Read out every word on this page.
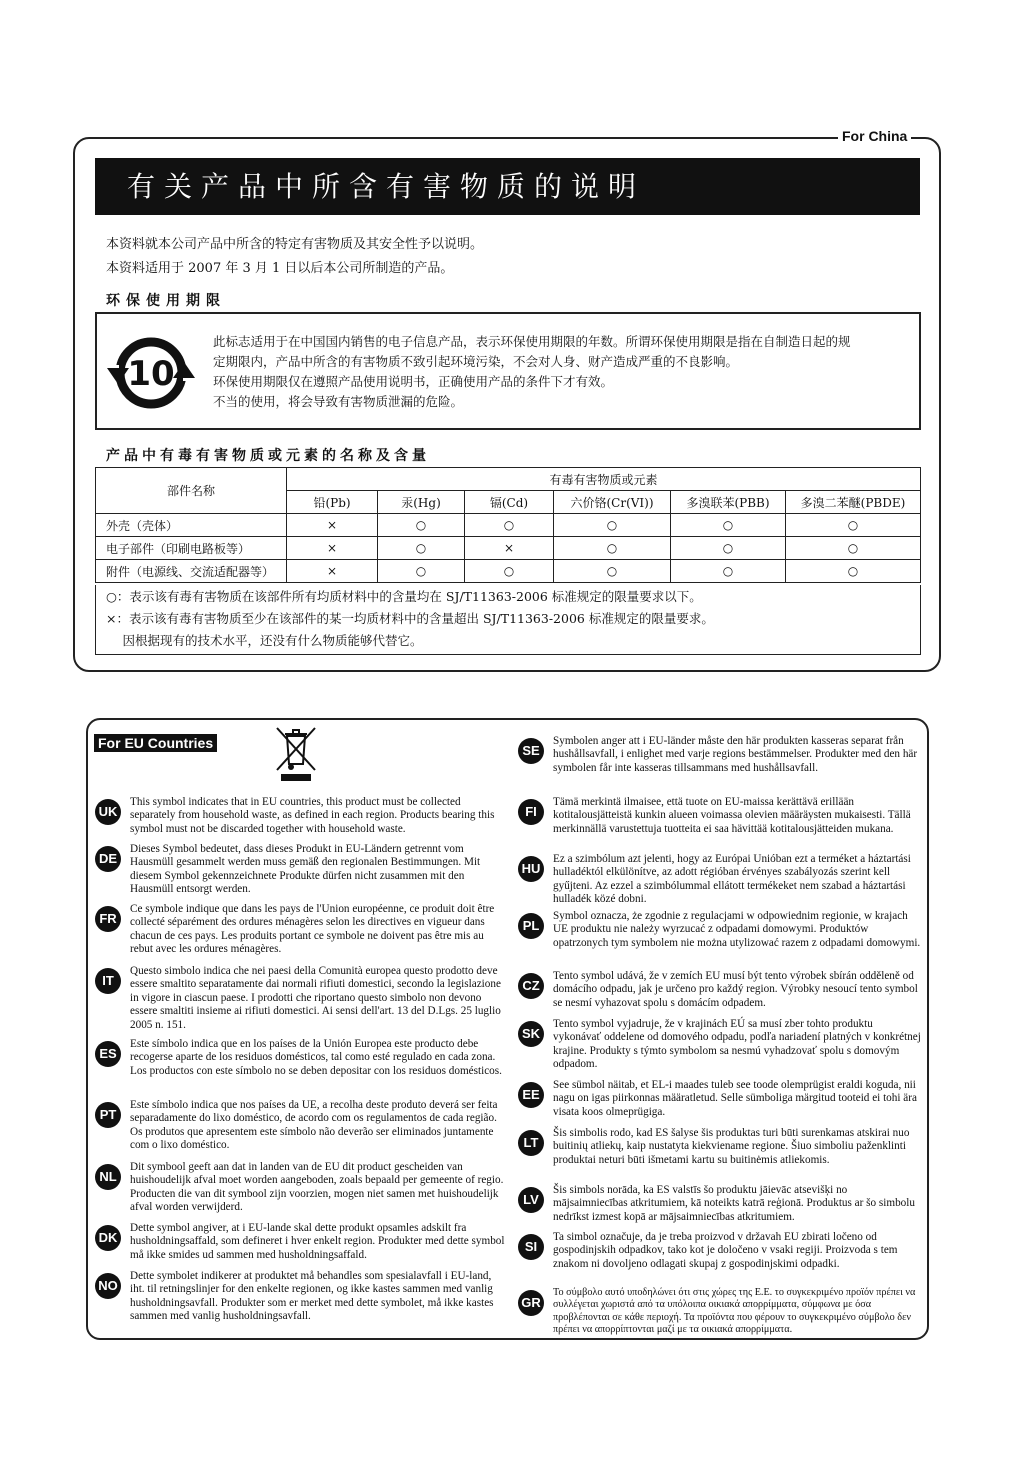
For China
有关产品中所含有害物质的说明
本资料就本公司产品中所含的特定有害物质及其安全性予以说明。
本资料适用于 2007 年 3 月 1 日以后本公司所制造的产品。
环保使用期限
10
此标志适用于在中国国内销售的电子信息产品，表示环保使用期限的年数。所谓环保使用期限是指在自制造日起的规
定期限内，产品中所含的有害物质不致引起环境污染，不会对人身、财产造成严重的不良影响。
环保使用期限仅在遵照产品使用说明书，正确使用产品的条件下才有效。
不当的使用，将会导致有害物质泄漏的危险。
产品中有毒有害物质或元素的名称及含量
部件名称	有毒有害物质或元素					
	铅(Pb)	汞(Hg)	镉(Cd)	六价铬(Cr(VI))	多溴联苯(PBB)	多溴二苯醚(PBDE)
外壳（壳体）	×	○	○	○	○	○
电子部件（印刷电路板等）	×	○	×	○	○	○
附件（电源线、交流适配器等）	×	○	○	○	○	○
○：表示该有毒有害物质在该部件所有均质材料中的含量均在 SJ/T11363-2006 标准规定的限量要求以下。
×：表示该有毒有害物质至少在该部件的某一均质材料中的含量超出 SJ/T11363-2006 标准规定的限量要求。
　 因根据现有的技术水平，还没有什么物质能够代替它。
For EU Countries
UK
This symbol indicates that in EU countries, this product must be collected separately from household waste, as defined in each region. Products bearing this symbol must not be discarded together with household waste.
DE
Dieses Symbol bedeutet, dass dieses Produkt in EU-Ländern getrennt vom Hausmüll gesammelt werden muss gemäß den regionalen Bestimmungen. Mit diesem Symbol gekennzeichnete Produkte dürfen nicht zusammen mit den Hausmüll entsorgt werden.
FR
Ce symbole indique que dans les pays de l'Union européenne, ce produit doit être collecté séparément des ordures ménagères selon les directives en vigueur dans chacun de ces pays. Les produits portant ce symbole ne doivent pas être mis au rebut avec les ordures ménagères.
IT
Questo simbolo indica che nei paesi della Comunità europea questo prodotto deve essere smaltito separatamente dai normali rifiuti domestici, secondo la legislazione in vigore in ciascun paese. I prodotti che riportano questo simbolo non devono essere smaltiti insieme ai rifiuti domestici. Ai sensi dell'art. 13 del D.Lgs. 25 luglio 2005 n. 151.
ES
Este símbolo indica que en los países de la Unión Europea este producto debe recogerse aparte de los residuos domésticos, tal como esté regulado en cada zona. Los productos con este símbolo no se deben depositar con los residuos domésticos.
PT
Este símbolo indica que nos países da UE, a recolha deste produto deverá ser feita separadamente do lixo doméstico, de acordo com os regulamentos de cada região. Os produtos que apresentem este símbolo não deverão ser eliminados juntamente com o lixo doméstico.
NL
Dit symbool geeft aan dat in landen van de EU dit product gescheiden van huishoudelijk afval moet worden aangeboden, zoals bepaald per gemeente of regio. Producten die van dit symbool zijn voorzien, mogen niet samen met huishoudelijk afval worden verwijderd.
DK
Dette symbol angiver, at i EU-lande skal dette produkt opsamles adskilt fra husholdningsaffald, som defineret i hver enkelt region. Produkter med dette symbol må ikke smides ud sammen med husholdningsaffald.
NO
Dette symbolet indikerer at produktet må behandles som spesialavfall i EU-land, iht. til retningslinjer for den enkelte regionen, og ikke kastes sammen med vanlig husholdningsavfall. Produkter som er merket med dette symbolet, må ikke kastes sammen med vanlig husholdningsavfall.
SE
Symbolen anger att i EU-länder måste den här produkten kasseras separat från hushållsavfall, i enlighet med varje regions bestämmelser. Produkter med den här symbolen får inte kasseras tillsammans med hushållsavfall.
FI
Tämä merkintä ilmaisee, että tuote on EU-maissa kerättävä erillään kotitalousjätteistä kunkin alueen voimassa olevien määräysten mukaisesti. Tällä merkinnällä varustettuja tuotteita ei saa hävittää kotitalousjätteiden mukana.
HU
Ez a szimbólum azt jelenti, hogy az Európai Unióban ezt a terméket a háztartási hulladéktól elkülönítve, az adott régióban érvényes szabályozás szerint kell gyűjteni. Az ezzel a szimbólummal ellátott termékeket nem szabad a háztartási hulladék közé dobni.
PL
Symbol oznacza, że zgodnie z regulacjami w odpowiednim regionie, w krajach UE produktu nie należy wyrzucać z odpadami domowymi. Produktów opatrzonych tym symbolem nie można utylizować razem z odpadami domowymi.
CZ
Tento symbol udává, že v zemích EU musí být tento výrobek sbírán odděleně od domácího odpadu, jak je určeno pro každý region. Výrobky nesoucí tento symbol se nesmí vyhazovat spolu s domácím odpadem.
SK
Tento symbol vyjadruje, že v krajinách EÚ sa musí zber tohto produktu vykonávať oddelene od domového odpadu, podľa nariadení platných v konkrétnej krajine. Produkty s týmto symbolom sa nesmú vyhadzovať spolu s domovým odpadom.
EE
See sümbol näitab, et EL-i maades tuleb see toode olemprügist eraldi koguda, nii nagu on igas piirkonnas määratletud. Selle sümboliga märgitud tooteid ei tohi ära visata koos olmeprügiga.
LT
Šis simbolis rodo, kad ES šalyse šis produktas turi būti surenkamas atskirai nuo buitinių atliekų, kaip nustatyta kiekviename regione. Šiuo simboliu paženklinti produktai neturi būti išmetami kartu su buitinėmis atliekomis.
LV
Šis simbols norāda, ka ES valstīs šo produktu jāievāc atsevišķi no mājsaimniecības atkritumiem, kā noteikts katrā reģionā. Produktus ar šo simbolu nedrīkst izmest kopā ar mājsaimniecības atkritumiem.
SI
Ta simbol označuje, da je treba proizvod v državah EU zbirati ločeno od gospodinjskih odpadkov, tako kot je določeno v vsaki regiji. Proizvoda s tem znakom ni dovoljeno odlagati skupaj z gospodinjskimi odpadki.
GR
Το σύμβολο αυτό υποδηλώνει ότι στις χώρες της Ε.Ε. το συγκεκριμένο προϊόν πρέπει να συλλέγεται χωριστά από τα υπόλοιπα οικιακά απορρίμματα, σύμφωνα με όσα προβλέπονται σε κάθε περιοχή. Τα προϊόντα που φέρουν το συγκεκριμένο σύμβολο δεν πρέπει να απορρίπτονται μαζί με τα οικιακά απορρίμματα.
